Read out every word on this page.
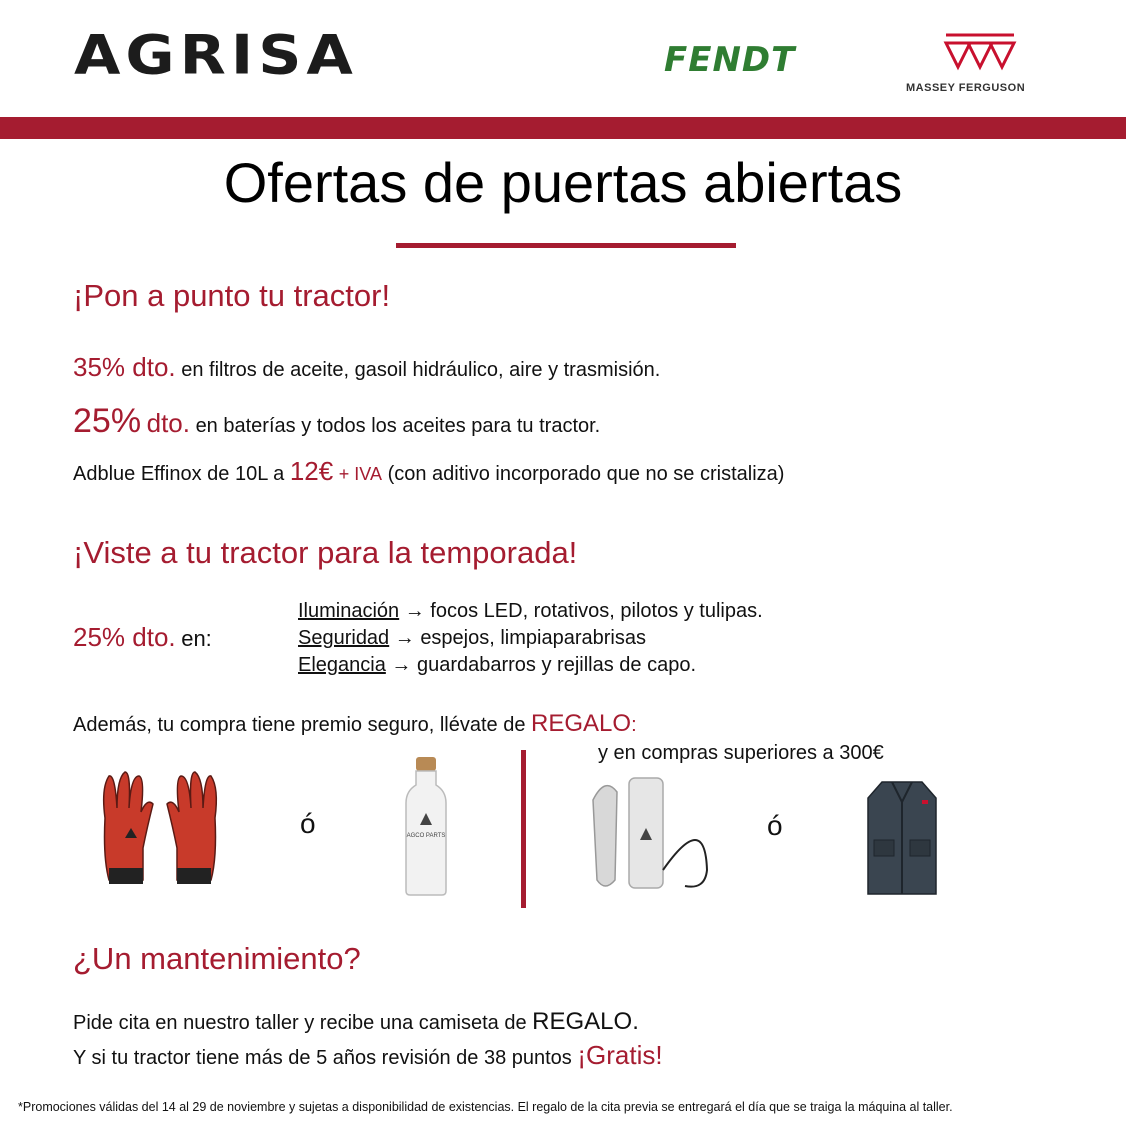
AGRISA	FENDT
MASSEY FERGUSON
Ofertas de puertas abiertas
¡Pon a punto tu tractor!
35% dto. en filtros de aceite, gasoil hidráulico, aire y trasmisión.
25% dto. en baterías y todos los aceites para tu tractor.
Adblue Effinox de 10L a 12€ + IVA (con aditivo incorporado que no se cristaliza)
¡Viste a tu tractor para la temporada!
25% dto. en:
Iluminación → focos LED, rotativos, pilotos y tulipas.
Seguridad → espejos, limpiaparabrisas
Elegancia → guardabarros y rejillas de capo.
Además, tu compra tiene premio seguro, llévate de REGALO:
y en compras superiores a 300€
ó	AGCO PARTS	ó
¿Un mantenimiento?
Pide cita en nuestro taller y recibe una camiseta de REGALO.
Y si tu tractor tiene más de 5 años revisión de 38 puntos ¡Gratis!
*Promociones válidas del 14 al 29 de noviembre y sujetas a disponibilidad de existencias. El regalo de la cita previa se entregará el día que se traiga la máquina al taller.
